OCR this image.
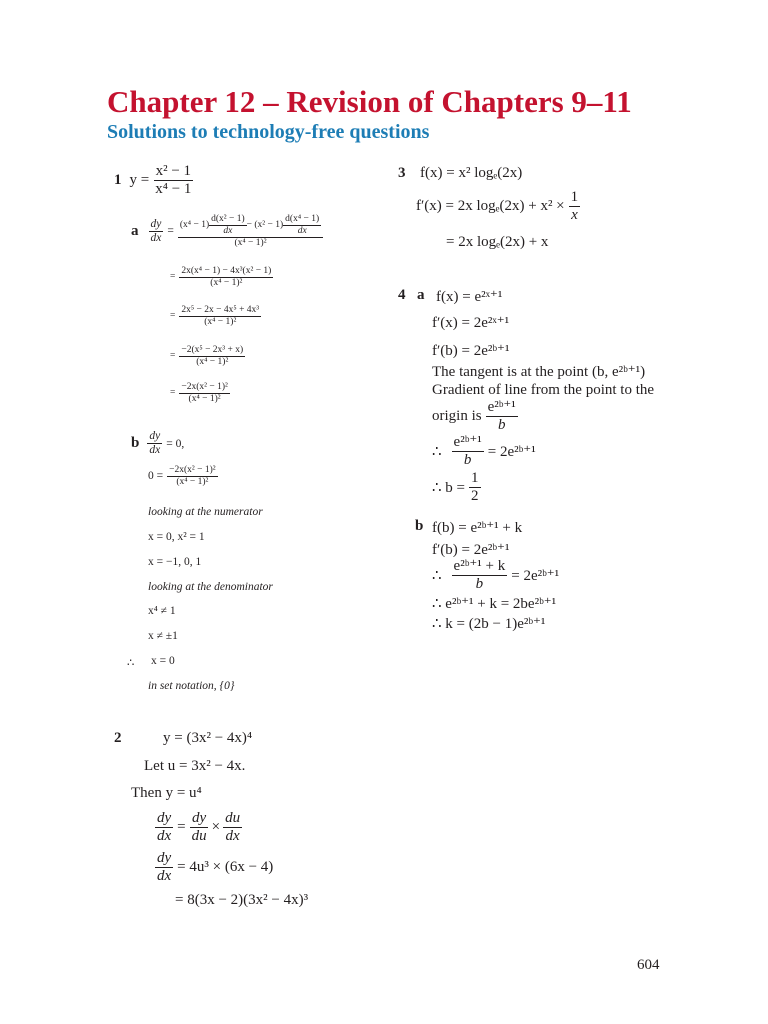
Chapter 12 – Revision of Chapters 9–11
Solutions to technology-free questions
1 $y = \frac{\text{x² − 1}}{\text{x⁴ − 1}}$
a $\frac{dy}{dx}$ =
$(x^4 - 1) \frac{\text{d(x² − 1)}}{dx} - (x^2 - 1) \frac{\text{d(x⁴ − 1)}}{dx}$
(x⁴ − 1)²
= $\frac{\text{2x(x⁴ − 1) − 4x³(x² − 1)}}{\text{(x⁴ − 1)²}}$
= $\frac{\text{2x⁵ − 2x − 4x⁵ + 4x³}}{\text{(x⁴ − 1)²}}$
= $\frac{\text{−2(x⁵ − 2x³ + x)}}{\text{(x⁴ − 1)²}}$
= $\frac{\text{−2x(x² − 1)²}}{\text{(x⁴ − 1)²}}$
b $\frac{dy}{dx} = 0$,
$0 = \frac{\text{−2x(x² − 1)²}}{\text{(x⁴ − 1)²}}$
looking at the numerator
x = 0, x² = 1
x = −1, 0, 1
looking at the denominator
x⁴ ≠ 1
x ≠ ±1
∴ x = 0
in set notation, {0}
2	y = (3x² − 4x)⁴
Let u = 3x² − 4x.
Then y = u⁴
$\frac{dy}{dx} = \frac{dy}{du} \times \frac{du}{dx}$
$\frac{dy}{dx} = 4u^3 \times (6x - 4)$
= 8(3x − 2)(3x² − 4x)³
3 f(x) = x² logₑ(2x)
f′(x) = 2x $\log_e(2x) + x^2 \times \frac{1}{x}$
= 2x logₑ(2x) + x
4 a f(x) = e²ˣ⁺¹
f′(x) = 2e²ˣ⁺¹
f′(b) = 2e²ᵇ⁺¹
The tangent is at the point (b, e²ᵇ⁺¹)
Gradient of line from the point to the
origin is $\frac{\text{e²ᵇ⁺¹}}{b}$
∴ $\frac{\text{e²ᵇ⁺¹}}{b}$ = 2e²ᵇ⁺¹
∴ $b = \frac{1}{2}$
b f(b) = e²ᵇ⁺¹ + k
f′(b) = 2e²ᵇ⁺¹
∴ $\frac{\text{e²ᵇ⁺¹ + k}}{b}$ = 2e²ᵇ⁺¹
∴ e²ᵇ⁺¹ + k = 2be²ᵇ⁺¹
∴ k = (2b − 1)e²ᵇ⁺¹
604
